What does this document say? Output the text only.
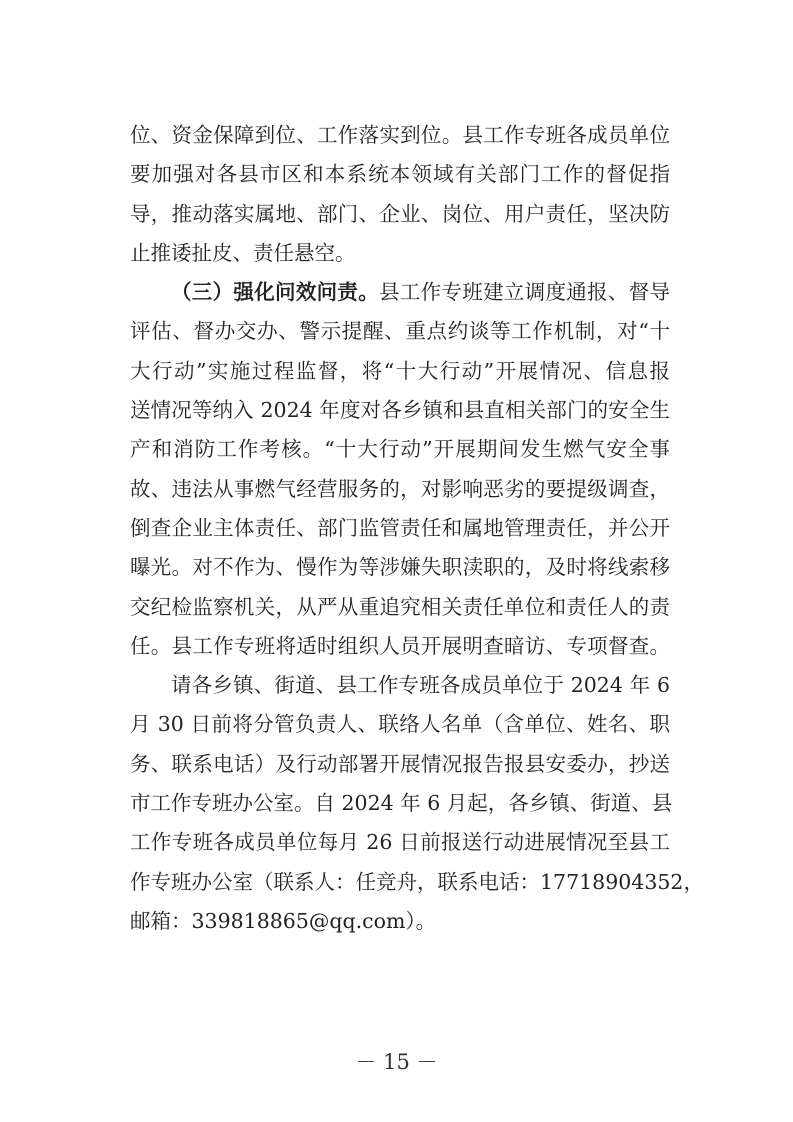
位、资金保障到位、工作落实到位。县工作专班各成员单位
要加强对各县市区和本系统本领域有关部门工作的督促指
导，推动落实属地、部门、企业、岗位、用户责任，坚决防
止推诿扯皮、责任悬空。
（三）强化问效问责。县工作专班建立调度通报、督导
评估、督办交办、警示提醒、重点约谈等工作机制，对“十
大行动”实施过程监督，将“十大行动”开展情况、信息报
送情况等纳入 2024 年度对各乡镇和县直相关部门的安全生
产和消防工作考核。“十大行动”开展期间发生燃气安全事
故、违法从事燃气经营服务的，对影响恶劣的要提级调查，
倒查企业主体责任、部门监管责任和属地管理责任，并公开
曝光。对不作为、慢作为等涉嫌失职渎职的，及时将线索移
交纪检监察机关，从严从重追究相关责任单位和责任人的责
任。县工作专班将适时组织人员开展明查暗访、专项督查。
请各乡镇、街道、县工作专班各成员单位于 2024 年 6
月 30 日前将分管负责人、联络人名单（含单位、姓名、职
务、联系电话）及行动部署开展情况报告报县安委办，抄送
市工作专班办公室。自 2024 年 6 月起，各乡镇、街道、县
工作专班各成员单位每月 26 日前报送行动进展情况至县工
作专班办公室（联系人：任竞舟，联系电话：17718904352，
邮箱：339818865@qq.com）。
－ 15 －
